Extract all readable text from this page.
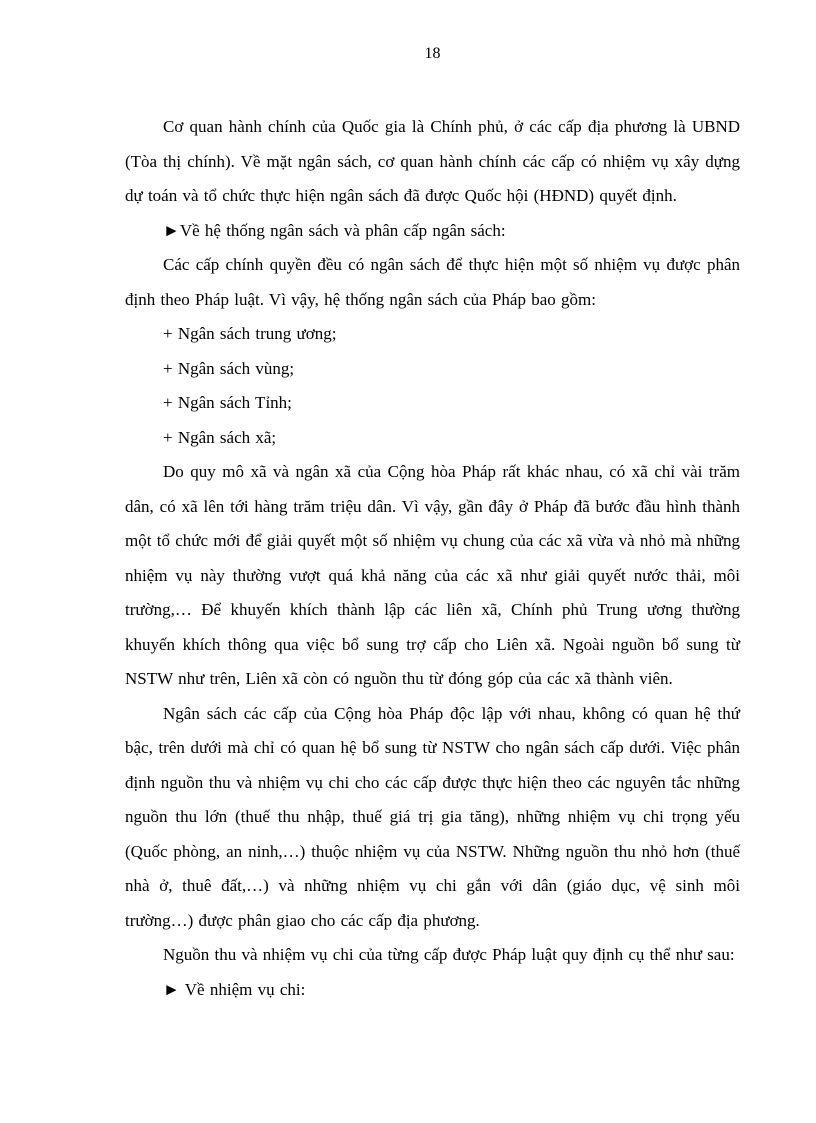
18

Cơ quan hành chính của Quốc gia là Chính phủ, ở các cấp địa phương là UBND (Tòa thị chính). Về mặt ngân sách, cơ quan hành chính các cấp có nhiệm vụ xây dựng dự toán và tổ chức thực hiện ngân sách đã được Quốc hội (HĐND) quyết định.

►Về hệ thống ngân sách và phân cấp ngân sách:

Các cấp chính quyền đều có ngân sách để thực hiện một số nhiệm vụ được phân định theo Pháp luật. Vì vậy, hệ thống ngân sách của Pháp bao gồm:

+ Ngân sách trung ương;

+ Ngân sách vùng;

+ Ngân sách Tỉnh;

+ Ngân sách xã;

Do quy mô xã và ngân xã của Cộng hòa Pháp rất khác nhau, có xã chỉ vài trăm dân, có xã lên tới hàng trăm triệu dân. Vì vậy, gần đây ở Pháp đã bước đầu hình thành một tổ chức mới để giải quyết một số nhiệm vụ chung của các xã vừa và nhỏ mà những nhiệm vụ này thường vượt quá khả năng của các xã như giải quyết nước thải, môi trường,… Để khuyến khích thành lập các liên xã, Chính phủ Trung ương thường khuyến khích thông qua việc bổ sung trợ cấp cho Liên xã. Ngoài nguồn bổ sung từ NSTW như trên, Liên xã còn có nguồn thu từ đóng góp của các xã thành viên.

Ngân sách các cấp của Cộng hòa Pháp độc lập với nhau, không có quan hệ thứ bậc, trên dưới mà chỉ có quan hệ bổ sung từ NSTW cho ngân sách cấp dưới. Việc phân định nguồn thu và nhiệm vụ chi cho các cấp được thực hiện theo các nguyên tắc những nguồn thu lớn (thuế thu nhập, thuế giá trị gia tăng), những nhiệm vụ chi trọng yếu (Quốc phòng, an ninh,…) thuộc nhiệm vụ của NSTW. Những nguồn thu nhỏ hơn (thuế nhà ở, thuê đất,…) và những nhiệm vụ chi gắn với dân (giáo dục, vệ sinh môi trường…) được phân giao cho các cấp địa phương.

Nguồn thu và nhiệm vụ chi của từng cấp được Pháp luật quy định cụ thể như sau:

► Về nhiệm vụ chi:
